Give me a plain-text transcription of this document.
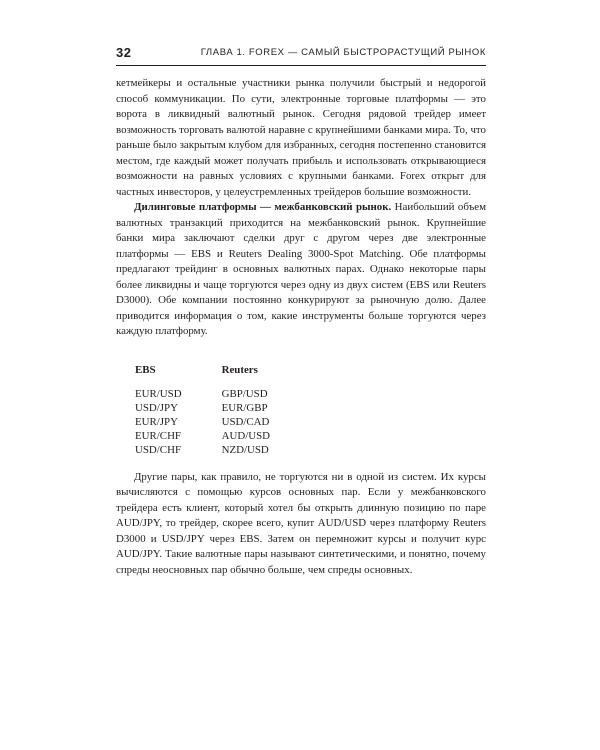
32	ГЛАВА 1. FOREX — САМЫЙ БЫСТРОРАСТУЩИЙ РЫНОК

кетмейкеры и остальные участники рынка получили быстрый и недорогой способ коммуникации. По сути, электронные торговые платформы — это ворота в ликвидный валютный рынок. Сегодня рядовой трейдер имеет возможность торговать валютой наравне с крупнейшими банками мира. То, что раньше было закрытым клубом для избранных, сегодня постепенно становится местом, где каждый может получать прибыль и использовать открывающиеся возможности на равных условиях с крупными банками. Forex открыт для частных инвесторов, у целеустремленных трейдеров большие возможности.

Дилинговые платформы — межбанковский рынок. Наибольший объем валютных транзакций приходится на межбанковский рынок. Крупнейшие банки мира заключают сделки друг с другом через две электронные платформы — EBS и Reuters Dealing 3000-Spot Matching. Обе платформы предлагают трейдинг в основных валютных парах. Однако некоторые пары более ликвидны и чаще торгуются через одну из двух систем (EBS или Reuters D3000). Обе компании постоянно конкурируют за рыночную долю. Далее приводится информация о том, какие инструменты больше торгуются через каждую платформу.

EBS	Reuters
EUR/USD	GBP/USD
USD/JPY	EUR/GBP
EUR/JPY	USD/CAD
EUR/CHF	AUD/USD
USD/CHF	NZD/USD

Другие пары, как правило, не торгуются ни в одной из систем. Их курсы вычисляются с помощью курсов основных пар. Если у межбанковского трейдера есть клиент, который хотел бы открыть длинную позицию по паре AUD/JPY, то трейдер, скорее всего, купит AUD/USD через платформу Reuters D3000 и USD/JPY через EBS. Затем он перемножит курсы и получит курс AUD/JPY. Такие валютные пары называют синтетическими, и понятно, почему спреды неосновных пар обычно больше, чем спреды основных.
